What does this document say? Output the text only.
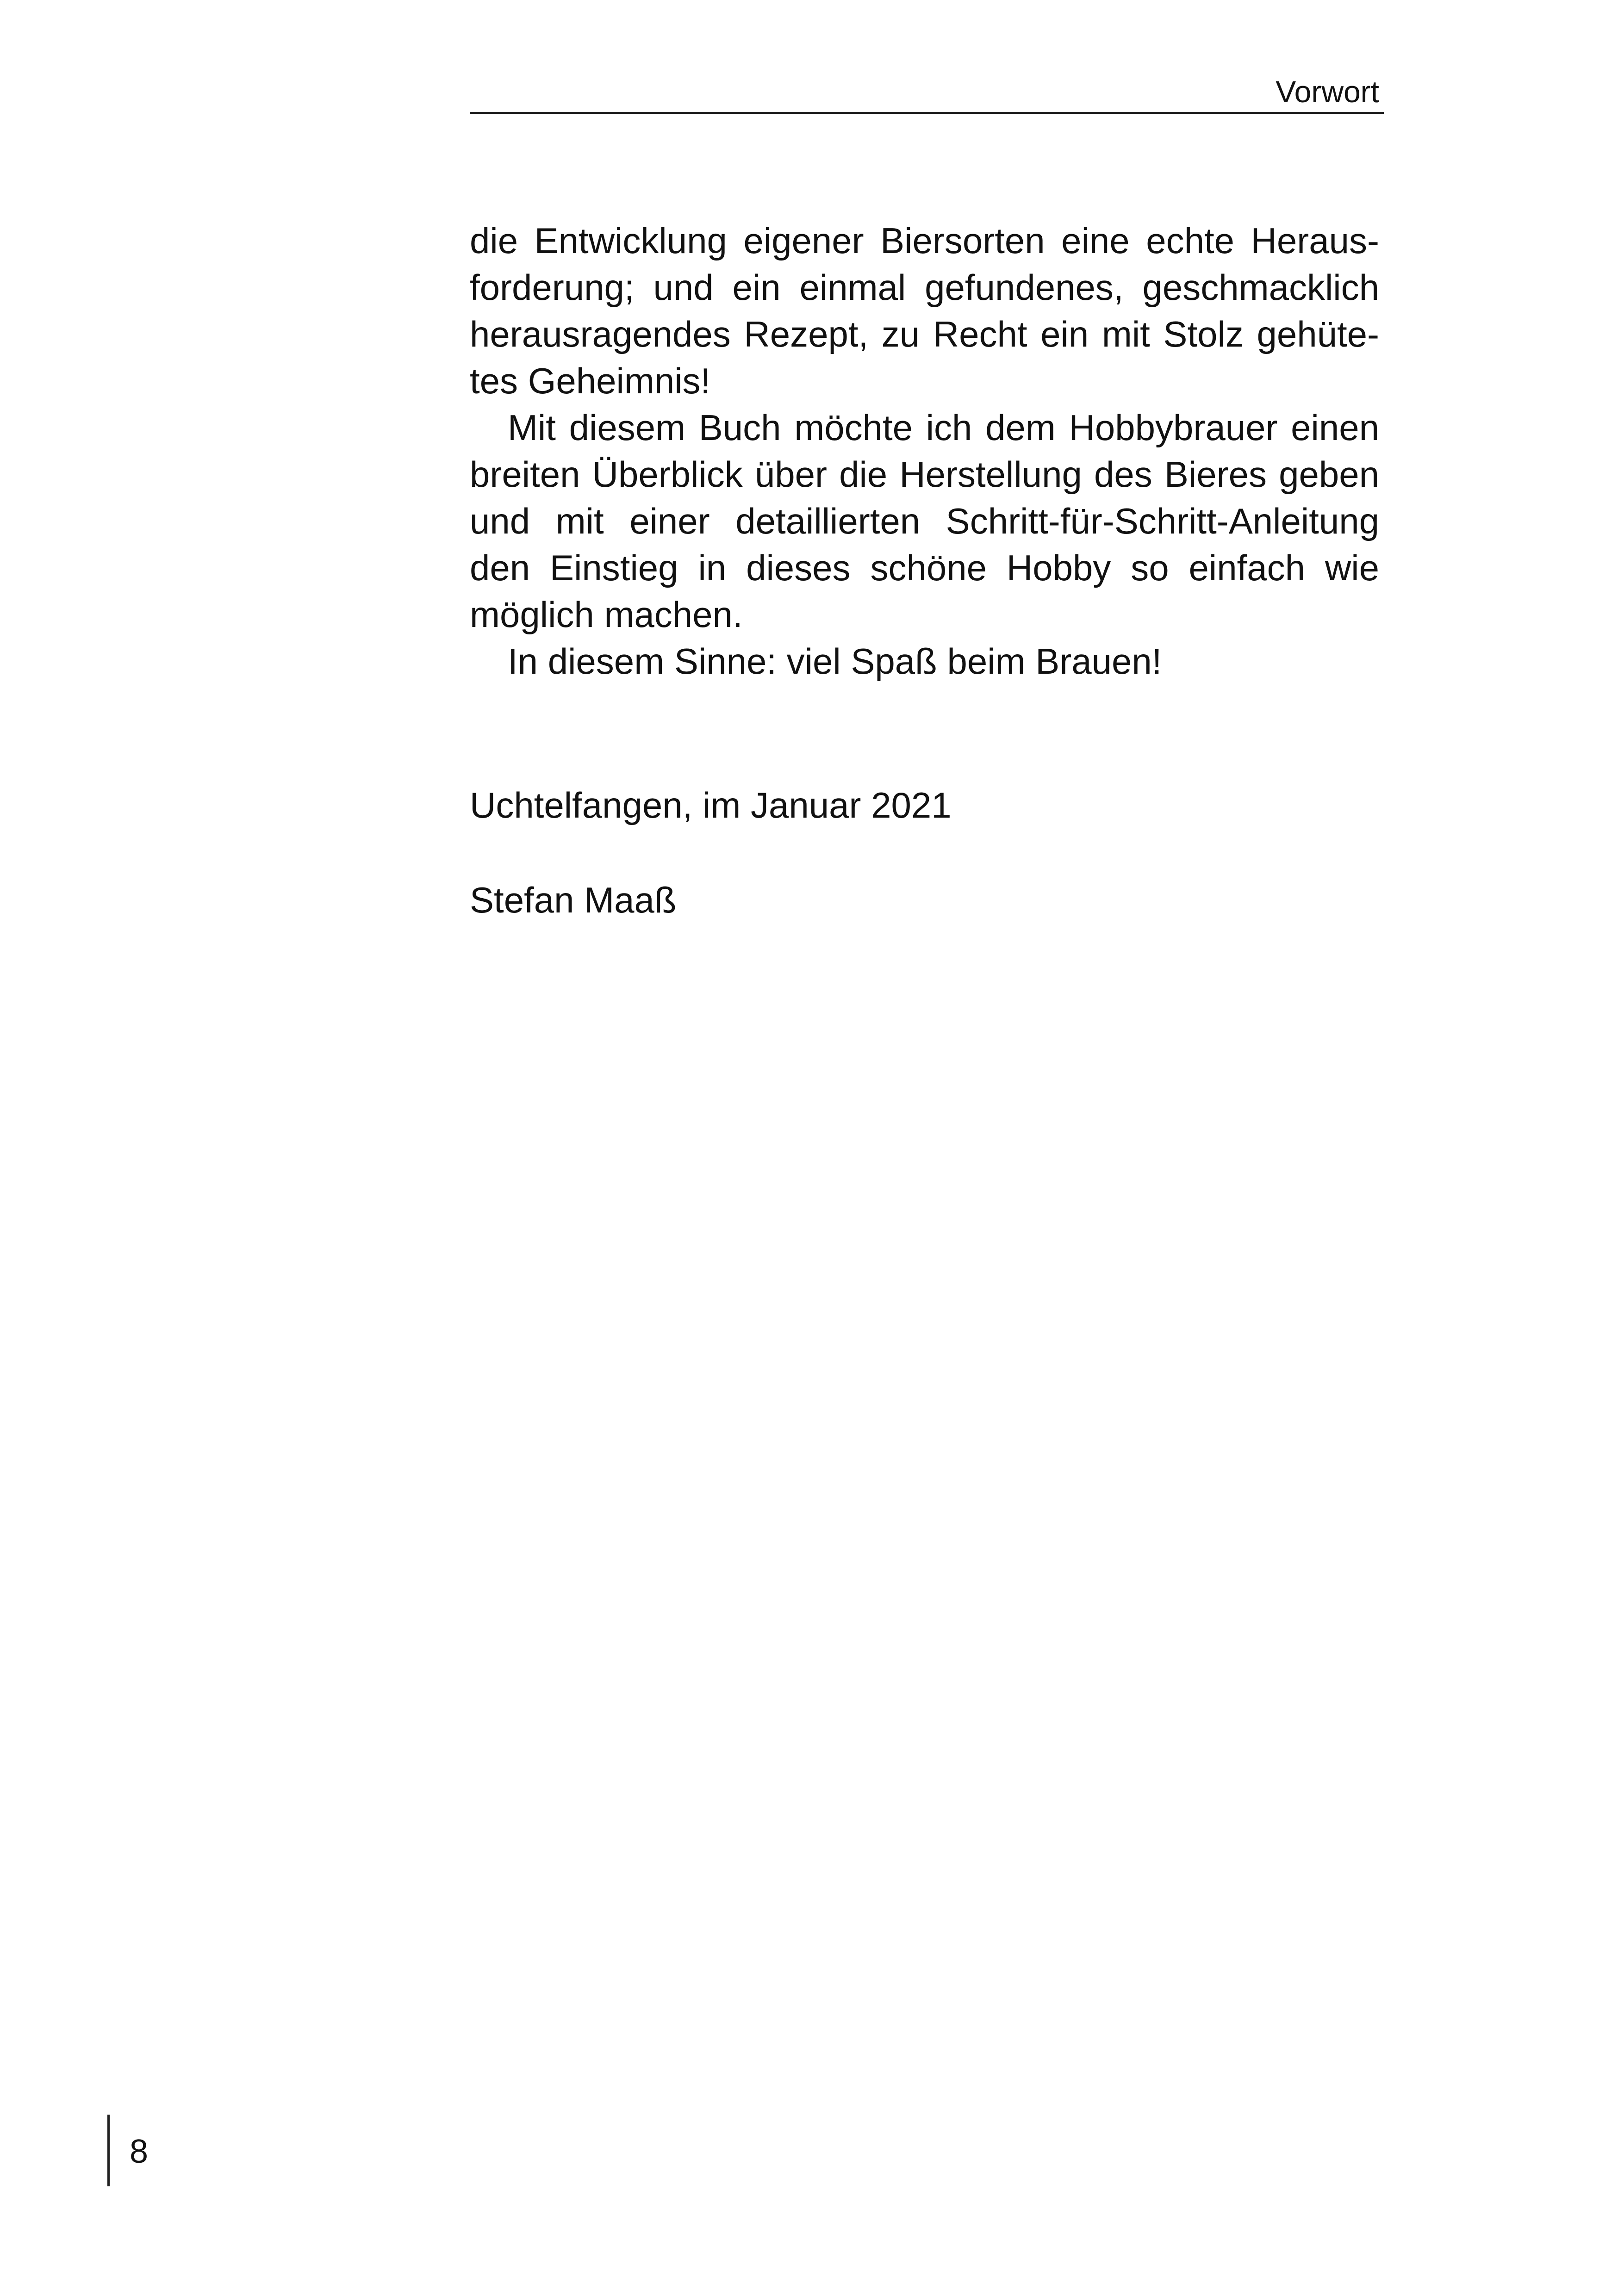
Vorwort

die Entwicklung eigener Biersorten eine echte Herausforderung; und ein einmal gefundenes, geschmacklich herausragendes Rezept, zu Recht ein mit Stolz gehütetes Geheimnis!

Mit diesem Buch möchte ich dem Hobbybrauer einen breiten Überblick über die Herstellung des Bieres geben und mit einer detaillierten Schritt-für-Schritt-Anleitung den Einstieg in dieses schöne Hobby so einfach wie möglich machen.

In diesem Sinne: viel Spaß beim Brauen!

Uchtelfangen, im Januar 2021
Stefan Maaß
8
